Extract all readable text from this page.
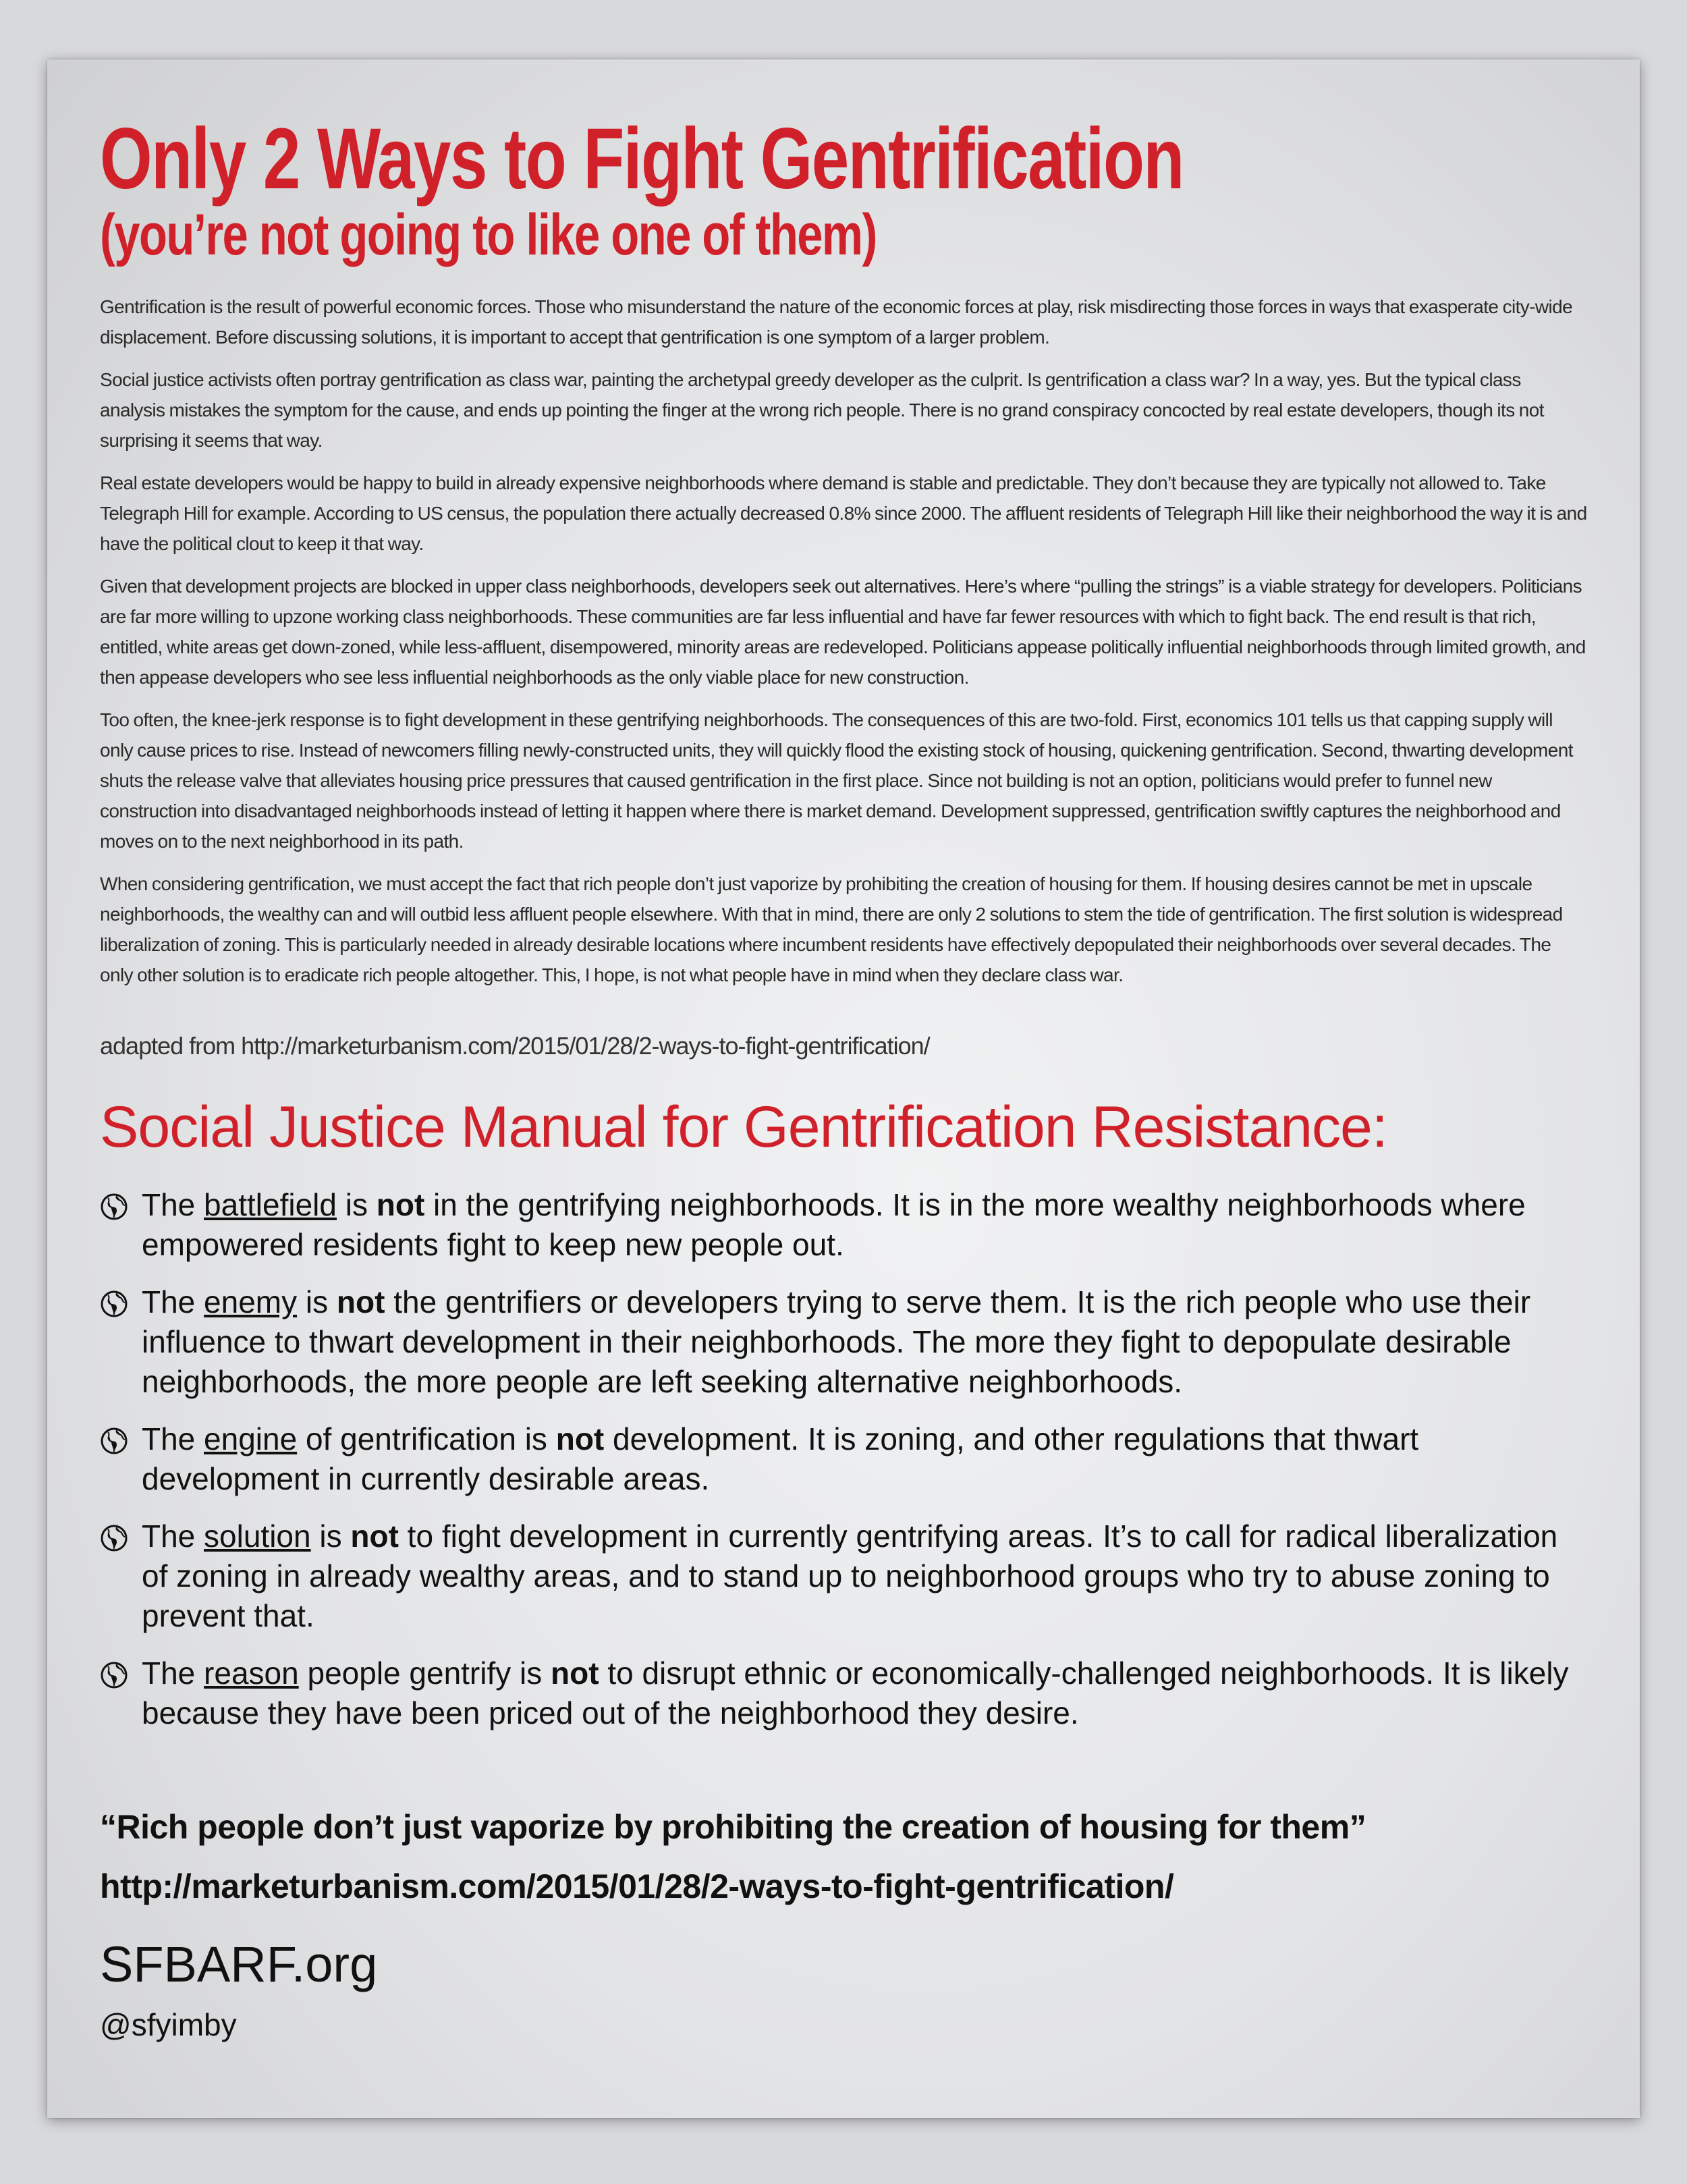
Only 2 Ways to Fight Gentrification
(you’re not going to like one of them)

Gentrification is the result of powerful economic forces. Those who misunderstand the nature of the economic forces at play, risk misdirecting those forces in ways that exasperate city-wide displacement. Before discussing solutions, it is important to accept that gentrification is one symptom of a larger problem.

Social justice activists often portray gentrification as class war, painting the archetypal greedy developer as the culprit. Is gentrification a class war? In a way, yes. But the typical class analysis mistakes the symptom for the cause, and ends up pointing the finger at the wrong rich people. There is no grand conspiracy concocted by real estate developers, though its not surprising it seems that way.

Real estate developers would be happy to build in already expensive neighborhoods where demand is stable and predictable. They don’t because they are typically not allowed to. Take Telegraph Hill for example. According to US census, the population there actually decreased 0.8% since 2000. The affluent residents of Telegraph Hill like their neighborhood the way it is and have the political clout to keep it that way.

Given that development projects are blocked in upper class neighborhoods, developers seek out alternatives. Here’s where “pulling the strings” is a viable strategy for developers. Politicians are far more willing to upzone working class neighborhoods. These communities are far less influential and have far fewer resources with which to fight back. The end result is that rich, entitled, white areas get down-zoned, while less-affluent, disempowered, minority areas are redeveloped. Politicians appease politically influential neighborhoods through limited growth, and then appease developers who see less influential neighborhoods as the only viable place for new construction.

Too often, the knee-jerk response is to fight development in these gentrifying neighborhoods. The consequences of this are two-fold. First, economics 101 tells us that capping supply will only cause prices to rise. Instead of newcomers filling newly-constructed units, they will quickly flood the existing stock of housing, quickening gentrification. Second, thwarting development shuts the release valve that alleviates housing price pressures that caused gentrification in the first place. Since not building is not an option, politicians would prefer to funnel new construction into disadvantaged neighborhoods instead of letting it happen where there is market demand. Development suppressed, gentrification swiftly captures the neighborhood and moves on to the next neighborhood in its path.

When considering gentrification, we must accept the fact that rich people don’t just vaporize by prohibiting the creation of housing for them. If housing desires cannot be met in upscale neighborhoods, the wealthy can and will outbid less affluent people elsewhere. With that in mind, there are only 2 solutions to stem the tide of gentrification. The first solution is widespread liberalization of zoning. This is particularly needed in already desirable locations where incumbent residents have effectively depopulated their neighborhoods over several decades. The only other solution is to eradicate rich people altogether. This, I hope, is not what people have in mind when they declare class war.

adapted from http://marketurbanism.com/2015/01/28/2-ways-to-fight-gentrification/
Social Justice Manual for Gentrification Resistance:
The battlefield is not in the gentrifying neighborhoods. It is in the more wealthy neighborhoods where empowered residents fight to keep new people out.
The enemy is not the gentrifiers or developers trying to serve them. It is the rich people who use their influence to thwart development in their neighborhoods. The more they fight to depopulate desirable neighborhoods, the more people are left seeking alternative neighborhoods.
The engine of gentrification is not development. It is zoning, and other regulations that thwart development in currently desirable areas.
The solution is not to fight development in currently gentrifying areas. It’s to call for radical liberalization of zoning in already wealthy areas, and to stand up to neighborhood groups who try to abuse zoning to prevent that.
The reason people gentrify is not to disrupt ethnic or economically-challenged neighborhoods. It is likely because they have been priced out of the neighborhood they desire.
“Rich people don’t just vaporize by prohibiting the creation of housing for them”
http://marketurbanism.com/2015/01/28/2-ways-to-fight-gentrification/
SFBARF.org
@sfyimby
